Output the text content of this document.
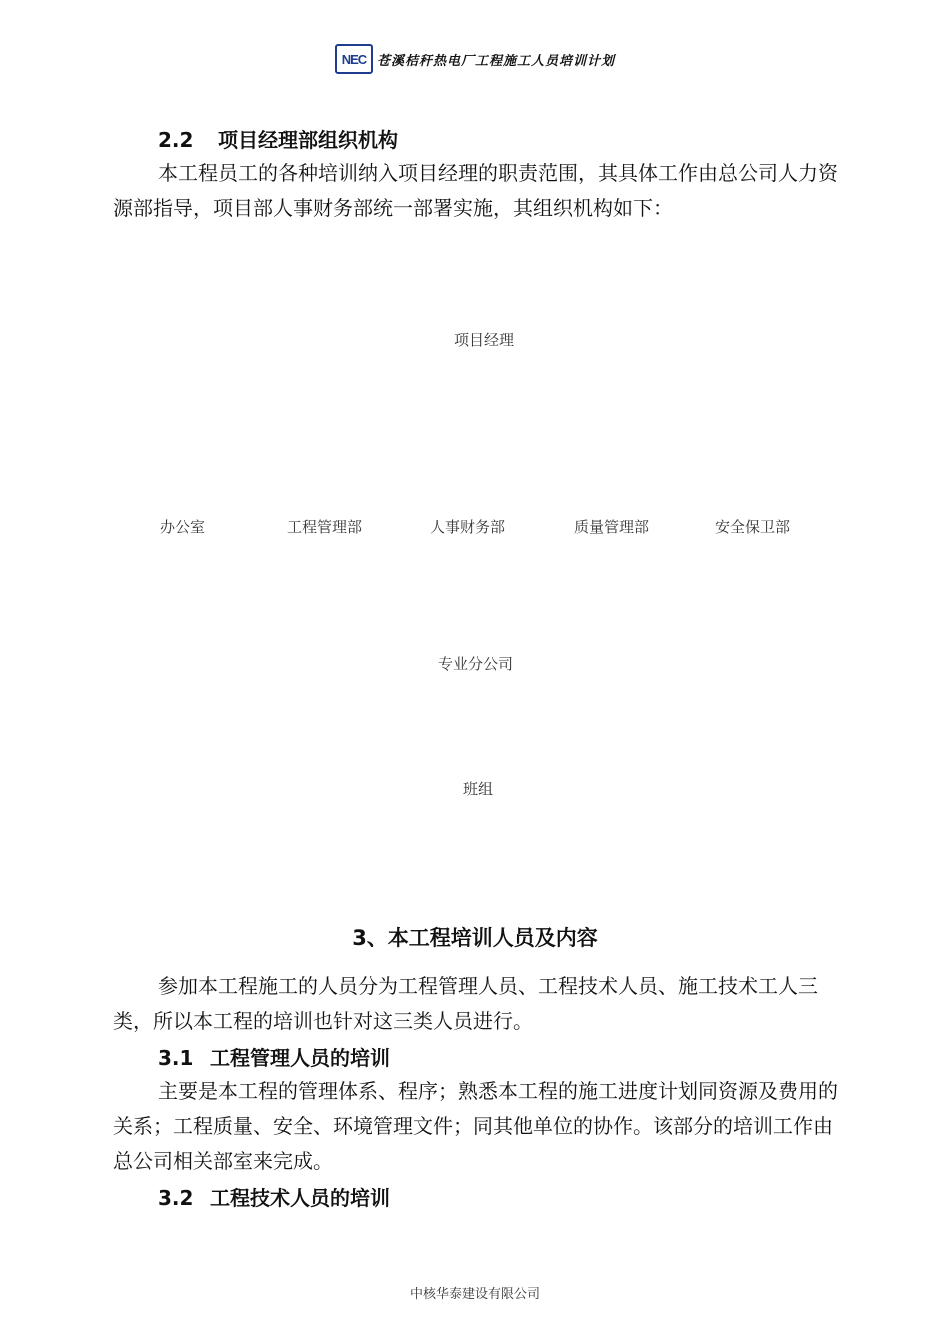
NEC 苍溪桔秆热电厂工程施工人员培训计划
2.2 项目经理部组织机构

本工程员工的各种培训纳入项目经理的职责范围，其具体工作由总公司人力资源部指导，项目部人事财务部统一部署实施，其组织机构如下：

项目经理
办公室	工程管理部	人事财务部	质量管理部	安全保卫部
专业分公司
班组
3、本工程培训人员及内容

参加本工程施工的人员分为工程管理人员、工程技术人员、施工技术工人三类，所以本工程的培训也针对这三类人员进行。

3.1 工程管理人员的培训

主要是本工程的管理体系、程序；熟悉本工程的施工进度计划同资源及费用的关系；工程质量、安全、环境管理文件；同其他单位的协作。该部分的培训工作由总公司相关部室来完成。

3.2 工程技术人员的培训
中核华泰建设有限公司
